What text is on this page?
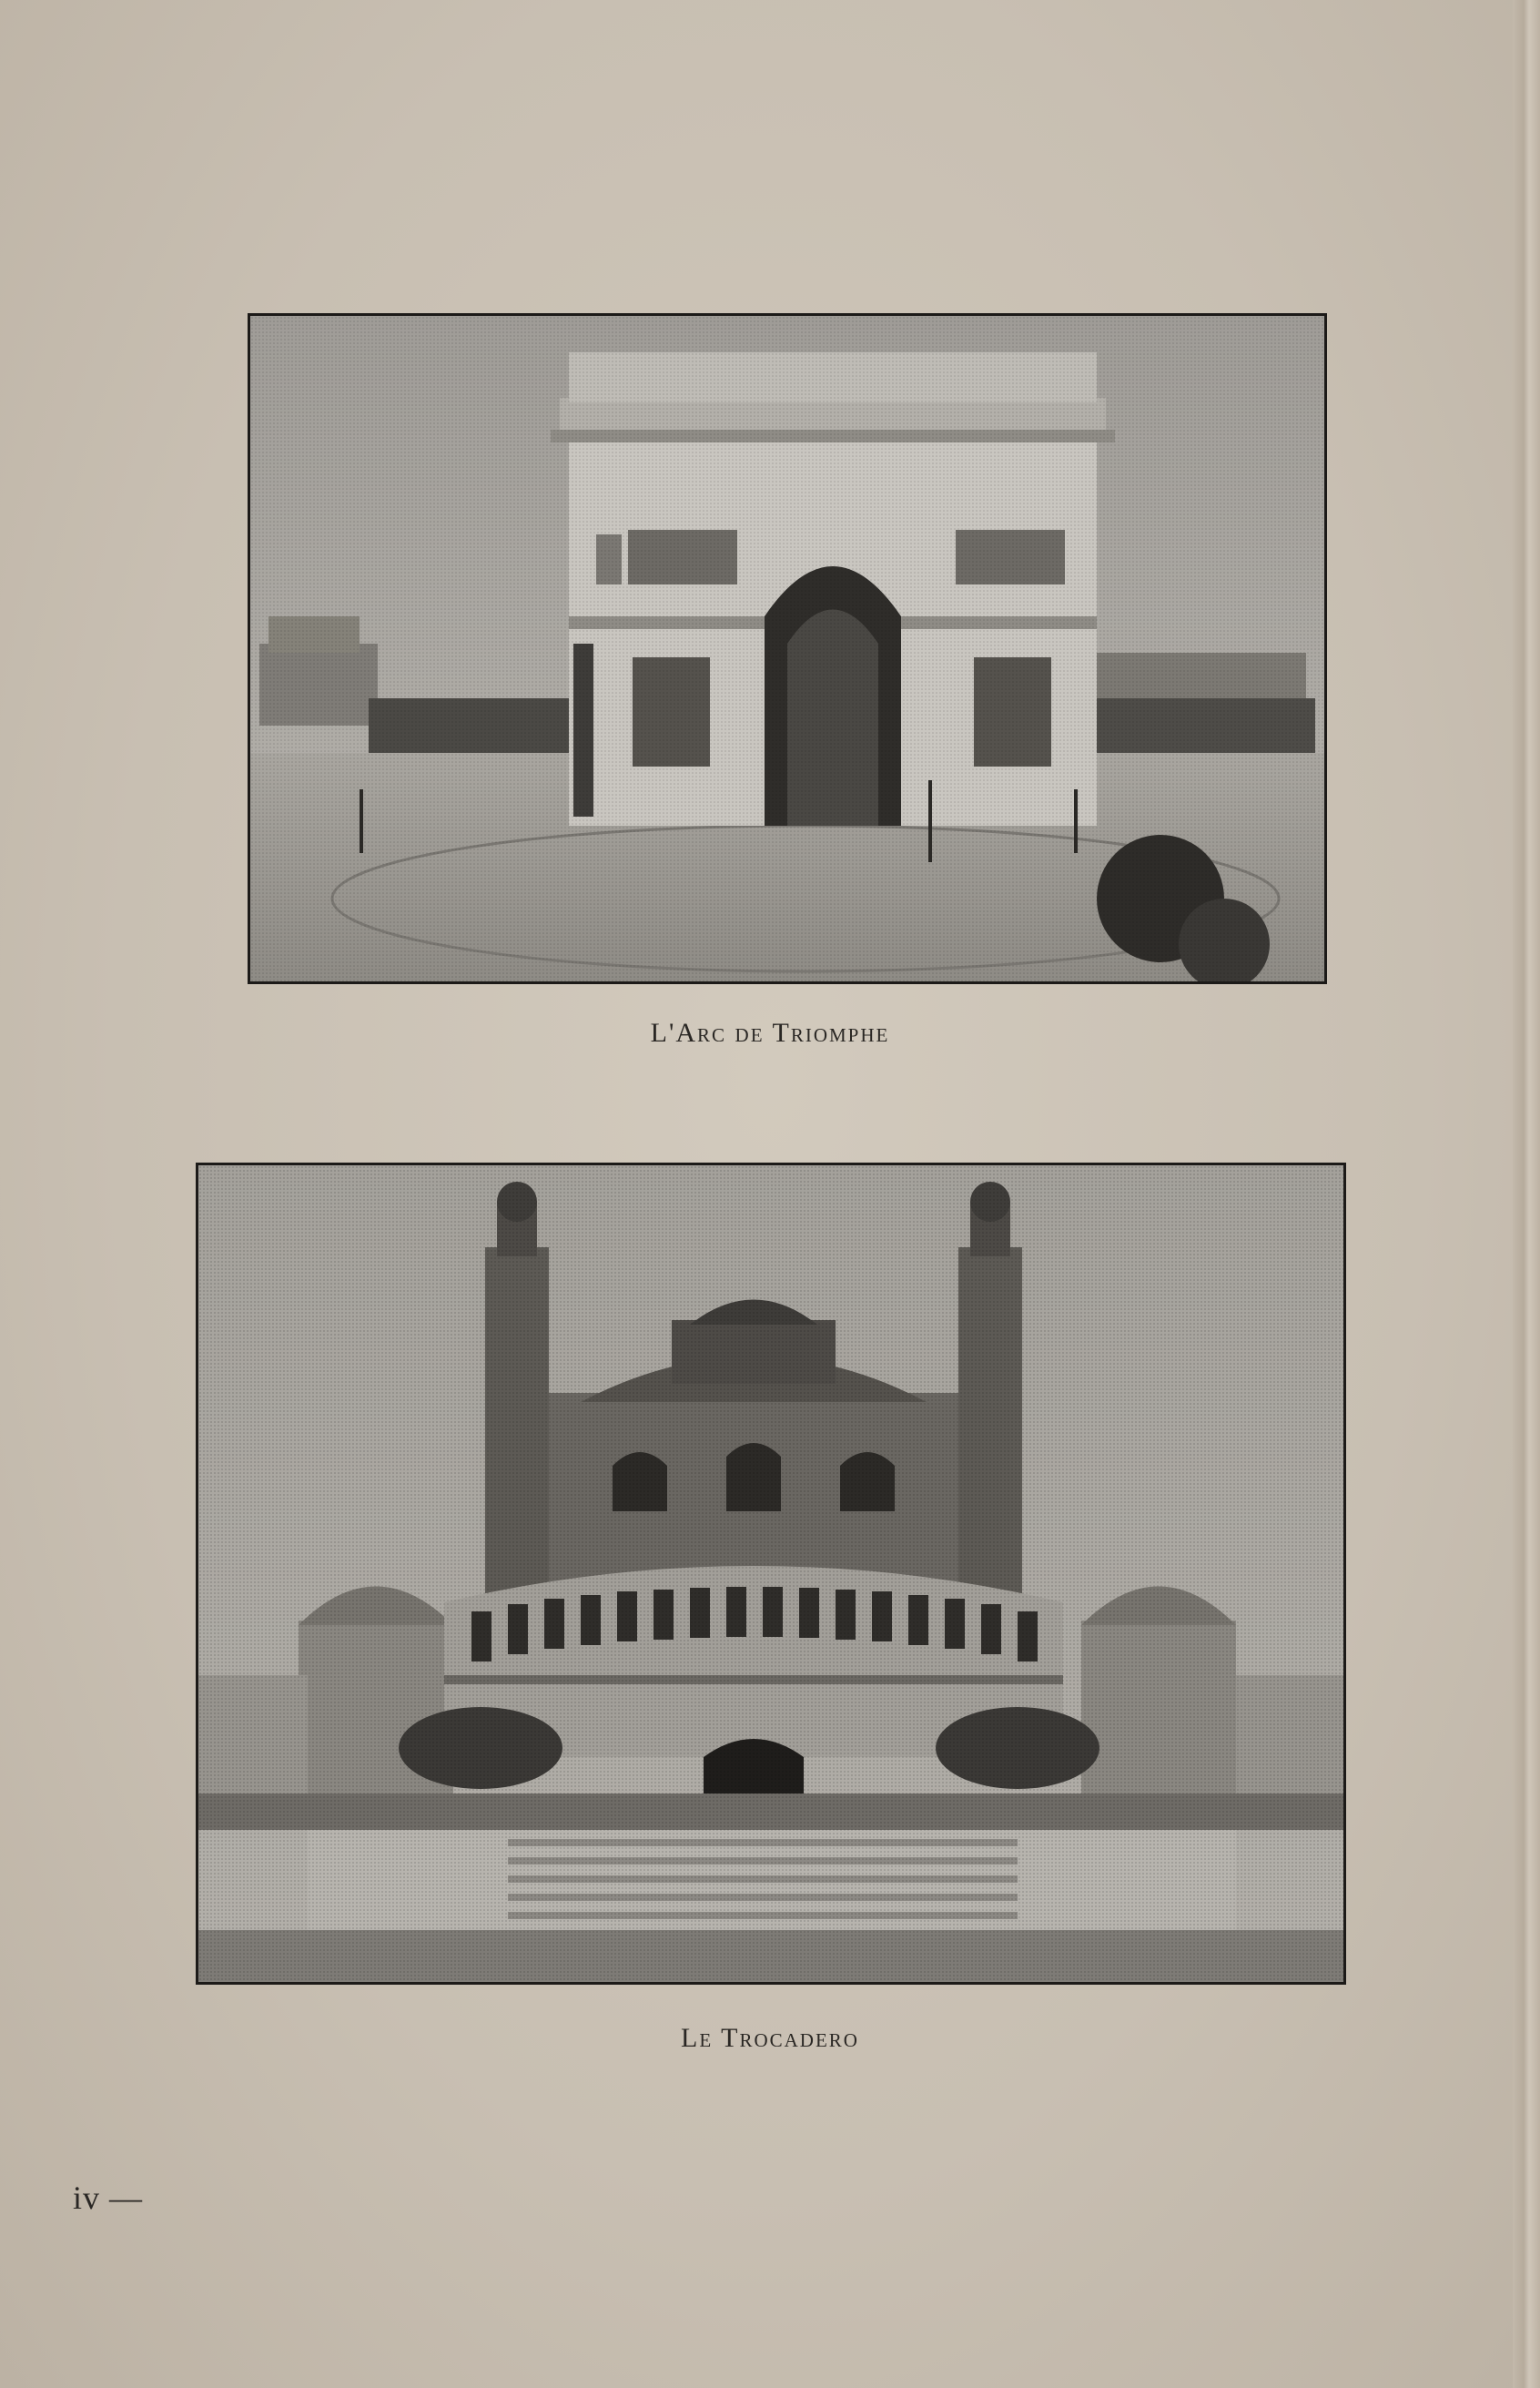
L'Arc de Triomphe
Le Trocadero
iv —
